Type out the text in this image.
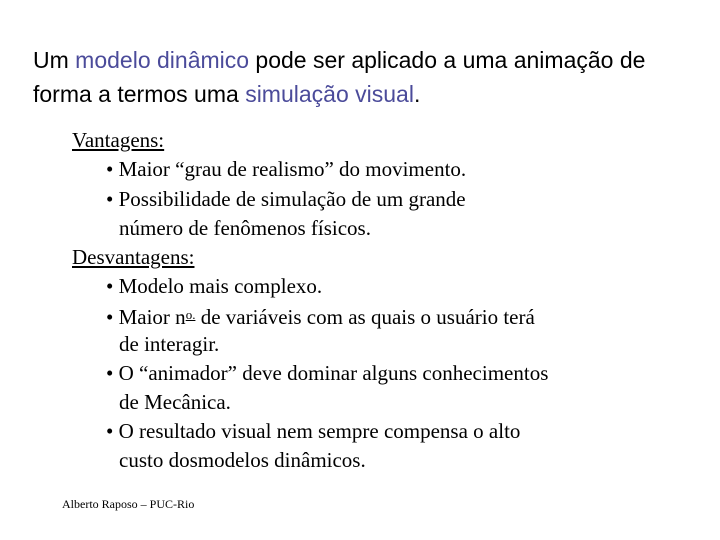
Um modelo dinâmico pode ser aplicado a uma animação de forma a termos uma simulação visual.

Vantagens:

• Maior “grau de realismo” do movimento.

• Possibilidade de simulação de um grande

número de fenômenos físicos.

Desvantagens:

• Modelo mais complexo.

• Maior $n^{o.}$ de variáveis com as quais o usuário terá

de interagir.

• O “animador” deve dominar alguns conhecimentos

de Mecânica.

• O resultado visual nem sempre compensa o alto

custo dosmodelos dinâmicos.

Alberto Raposo – PUC-Rio
